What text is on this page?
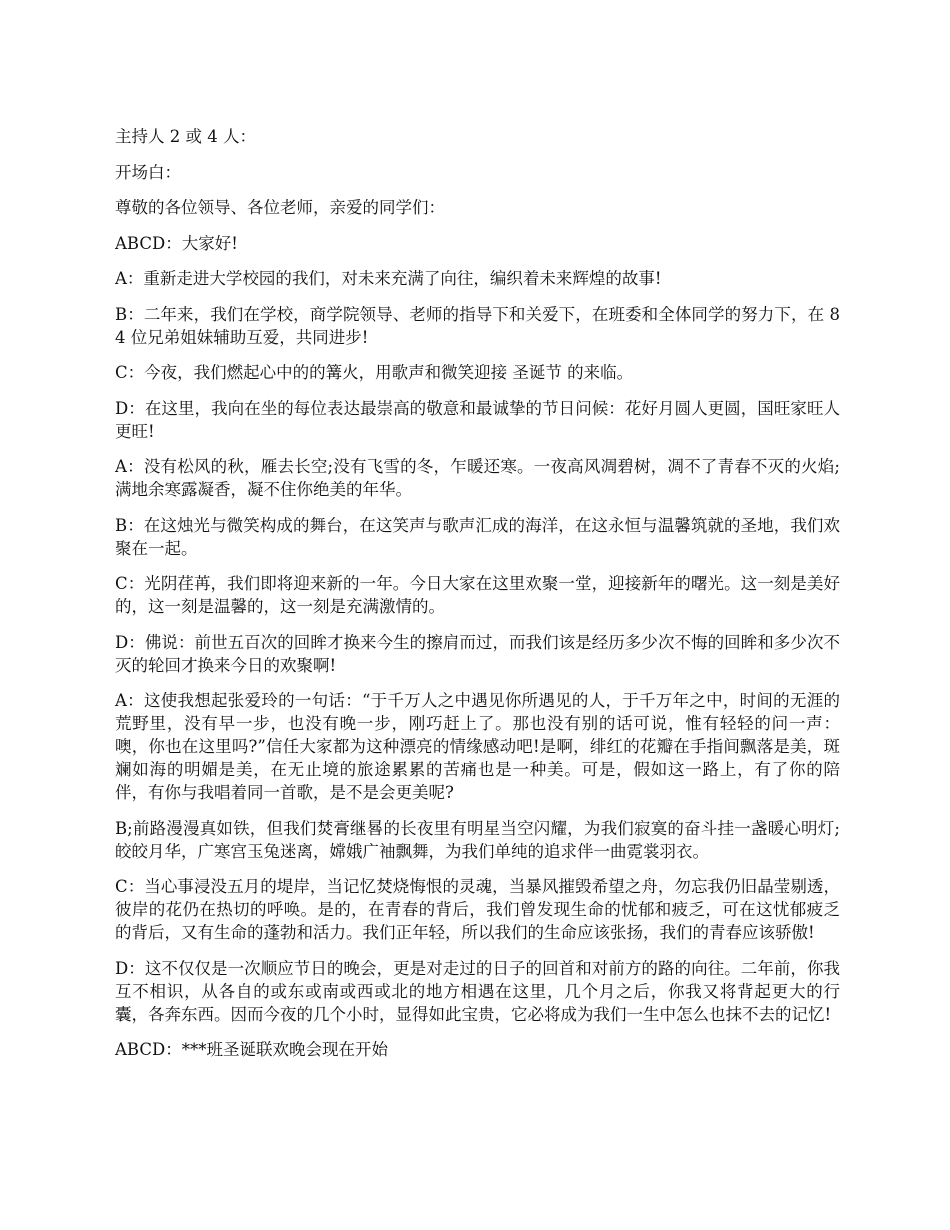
主持人 2 或 4 人：

开场白：

尊敬的各位领导、各位老师，亲爱的同学们：

ABCD：大家好!

A：重新走进大学校园的我们，对未来充满了向往，编织着未来辉煌的故事!

B：二年来，我们在学校，商学院领导、老师的指导下和关爱下，在班委和全体同学的努力下，在 84 位兄弟姐妹辅助互爱，共同进步!

C：今夜，我们燃起心中的的篝火，用歌声和微笑迎接 圣诞节 的来临。

D：在这里，我向在坐的每位表达最崇高的敬意和最诚挚的节日问候：花好月圆人更圆，国旺家旺人更旺!

A：没有松风的秋，雁去长空;没有飞雪的冬，乍暖还寒。一夜高风凋碧树，凋不了青春不灭的火焰;满地余寒露凝香，凝不住你绝美的年华。

B：在这烛光与微笑构成的舞台，在这笑声与歌声汇成的海洋，在这永恒与温馨筑就的圣地，我们欢聚在一起。

C：光阴荏苒，我们即将迎来新的一年。今日大家在这里欢聚一堂，迎接新年的曙光。这一刻是美好的，这一刻是温馨的，这一刻是充满激情的。

D：佛说：前世五百次的回眸才换来今生的擦肩而过，而我们该是经历多少次不悔的回眸和多少次不灭的轮回才换来今日的欢聚啊!

A：这使我想起张爱玲的一句话：“于千万人之中遇见你所遇见的人，于千万年之中，时间的无涯的荒野里，没有早一步，也没有晚一步，刚巧赶上了。那也没有别的话可说，惟有轻轻的问一声：噢，你也在这里吗?”信任大家都为这种漂亮的情缘感动吧!是啊，绯红的花瓣在手指间飘落是美，斑斓如海的明媚是美，在无止境的旅途累累的苦痛也是一种美。可是，假如这一路上，有了你的陪伴，有你与我唱着同一首歌，是不是会更美呢?

B;前路漫漫真如铁，但我们焚膏继晷的长夜里有明星当空闪耀，为我们寂寞的奋斗挂一盏暖心明灯;皎皎月华，广寒宫玉兔迷离，嫦娥广袖飘舞，为我们单纯的追求伴一曲霓裳羽衣。

C：当心事浸没五月的堤岸，当记忆焚烧悔恨的灵魂，当暴风摧毁希望之舟，勿忘我仍旧晶莹剔透，彼岸的花仍在热切的呼唤。是的，在青春的背后，我们曾发现生命的忧郁和疲乏，可在这忧郁疲乏的背后，又有生命的蓬勃和活力。我们正年轻，所以我们的生命应该张扬，我们的青春应该骄傲!

D：这不仅仅是一次顺应节日的晚会，更是对走过的日子的回首和对前方的路的向往。二年前，你我互不相识，从各自的或东或南或西或北的地方相遇在这里，几个月之后，你我又将背起更大的行囊，各奔东西。因而今夜的几个小时，显得如此宝贵，它必将成为我们一生中怎么也抹不去的记忆!

ABCD：***班圣诞联欢晚会现在开始
